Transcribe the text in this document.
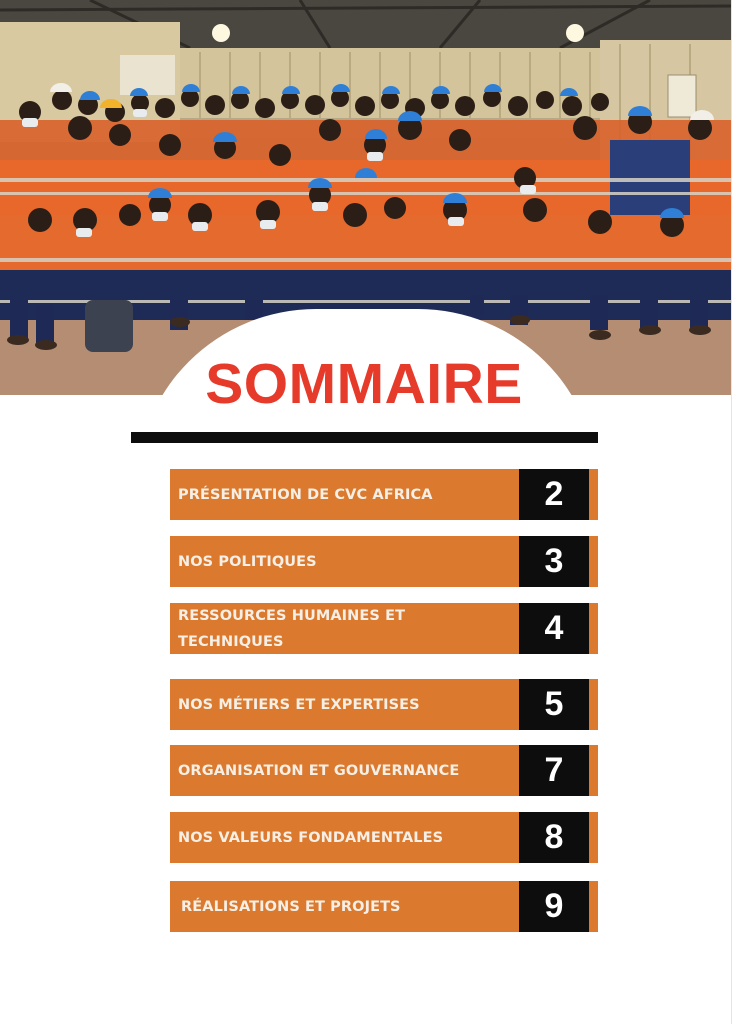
SOMMAIRE
PRÉSENTATION DE CVC AFRICA	2
NOS POLITIQUES	3
RESSOURCES HUMAINES ET TECHNIQUES	4
NOS MÉTIERS ET EXPERTISES	5
ORGANISATION ET GOUVERNANCE	7
NOS VALEURS FONDAMENTALES	8
RÉALISATIONS ET PROJETS	9
